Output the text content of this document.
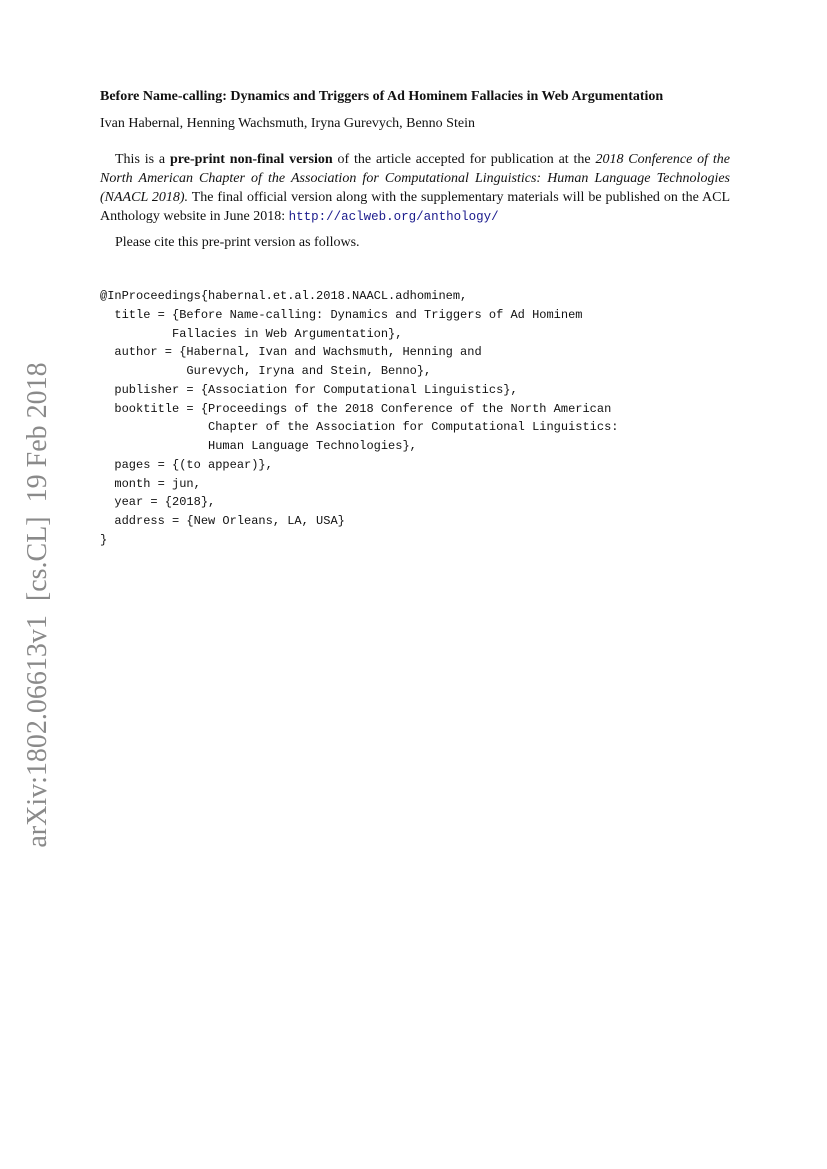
arXiv:1802.06613v1  [cs.CL]  19 Feb 2018
Before Name-calling: Dynamics and Triggers of Ad Hominem Fallacies in Web Argumentation
Ivan Habernal, Henning Wachsmuth, Iryna Gurevych, Benno Stein

This is a pre-print non-final version of the article accepted for publication at the 2018 Conference of the North American Chapter of the Association for Computational Linguistics: Human Language Technologies (NAACL 2018). The final official version along with the supplementary materials will be published on the ACL Anthology website in June 2018: http://aclweb.org/anthology/

Please cite this pre-print version as follows.
@InProceedings{habernal.et.al.2018.NAACL.adhominem,
title = {Before Name-calling: Dynamics and Triggers of Ad Hominem
Fallacies in Web Argumentation},
author = {Habernal, Ivan and Wachsmuth, Henning and
Gurevych, Iryna and Stein, Benno},
publisher = {Association for Computational Linguistics},
booktitle = {Proceedings of the 2018 Conference of the North American
Chapter of the Association for Computational Linguistics:
Human Language Technologies},
pages = {(to appear)},
month = jun,
year = {2018},
address = {New Orleans, LA, USA}
}
